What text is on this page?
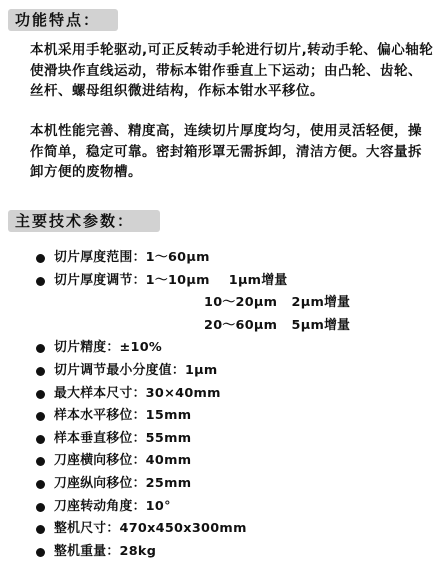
功能特点：

本机采用手轮驱动,可正反转动手轮进行切片,转动手轮、偏心轴轮使滑块作直线运动，带标本钳作垂直上下运动；由凸轮、齿轮、丝杆、螺母组织微进结构，作标本钳水平移位。

本机性能完善、精度高，连续切片厚度均匀，使用灵活轻便，操作简单，稳定可靠。密封箱形罩无需拆卸，清洁方便。大容量拆卸方便的废物槽。

主要技术参数：
切片厚度范围：1～60μm
切片厚度调节：1～10μm    1μm增量
10～20μm   2μm增量
20～60μm   5μm增量
切片精度：±10%
切片调节最小分度值：1μm
最大样本尺寸：30×40mm
样本水平移位：15mm
样本垂直移位：55mm
刀座横向移位：40mm
刀座纵向移位：25mm
刀座转动角度：10°
整机尺寸：470x450x300mm
整机重量：28kg
